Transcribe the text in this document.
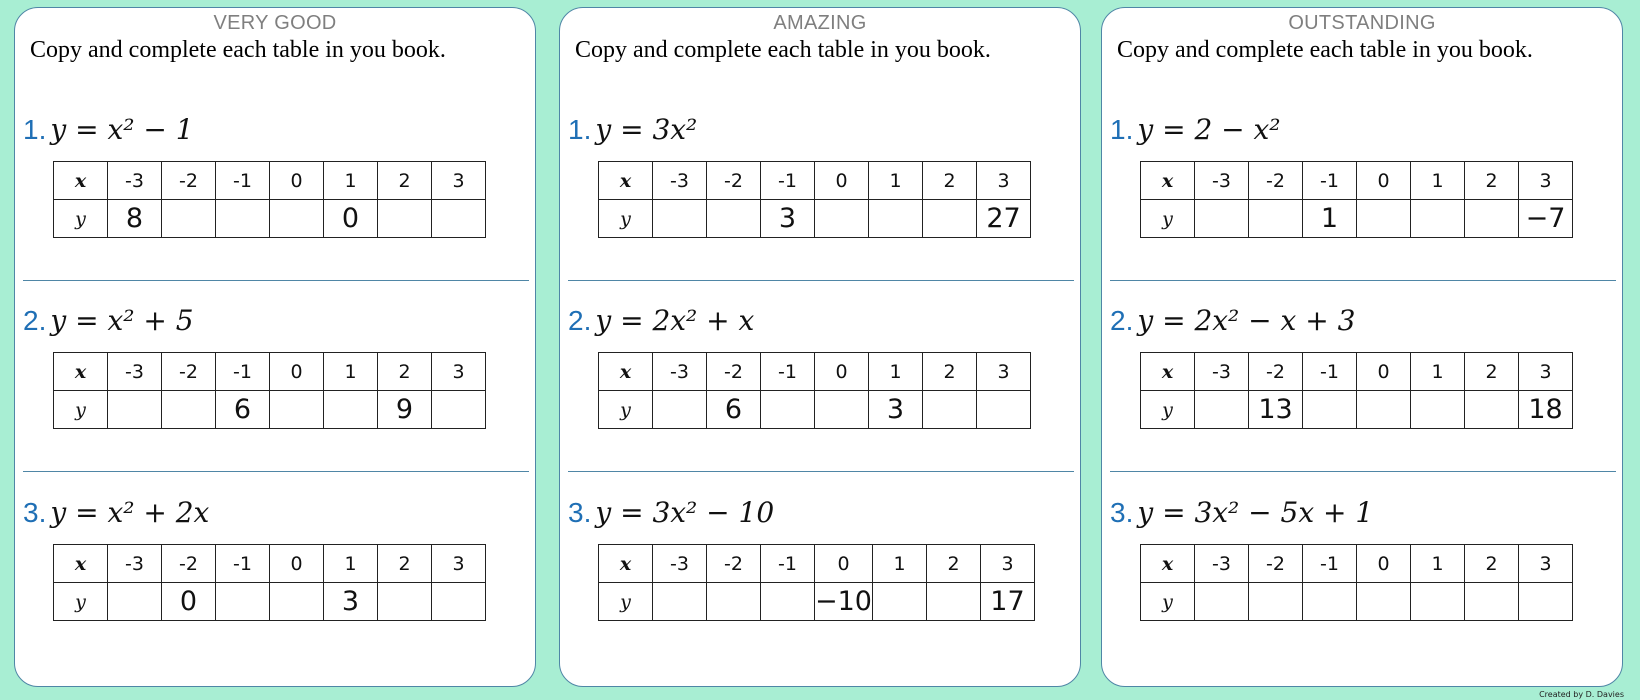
VERY GOOD
Copy and complete each table in you book.
1. y = x² − 1
x	-3	-2	-1	0	1	2	3
y	8				0		
2. y = x² + 5
x	-3	-2	-1	0	1	2	3
y			6			9	
3. y = x² + 2x
x	-3	-2	-1	0	1	2	3
y		0			3		
AMAZING
Copy and complete each table in you book.
1. y = 3x²
x	-3	-2	-1	0	1	2	3
y			3				27
2. y = 2x² + x
x	-3	-2	-1	0	1	2	3
y		6			3		
3. y = 3x² − 10
x	-3	-2	-1	0	1	2	3
y				−10			17
OUTSTANDING
Copy and complete each table in you book.
1. y = 2 − x²
x	-3	-2	-1	0	1	2	3
y			1				−7
2. y = 2x² − x + 3
x	-3	-2	-1	0	1	2	3
y		13					18
3. y = 3x² − 5x + 1
x	-3	-2	-1	0	1	2	3
y							
Created by D. Davies
